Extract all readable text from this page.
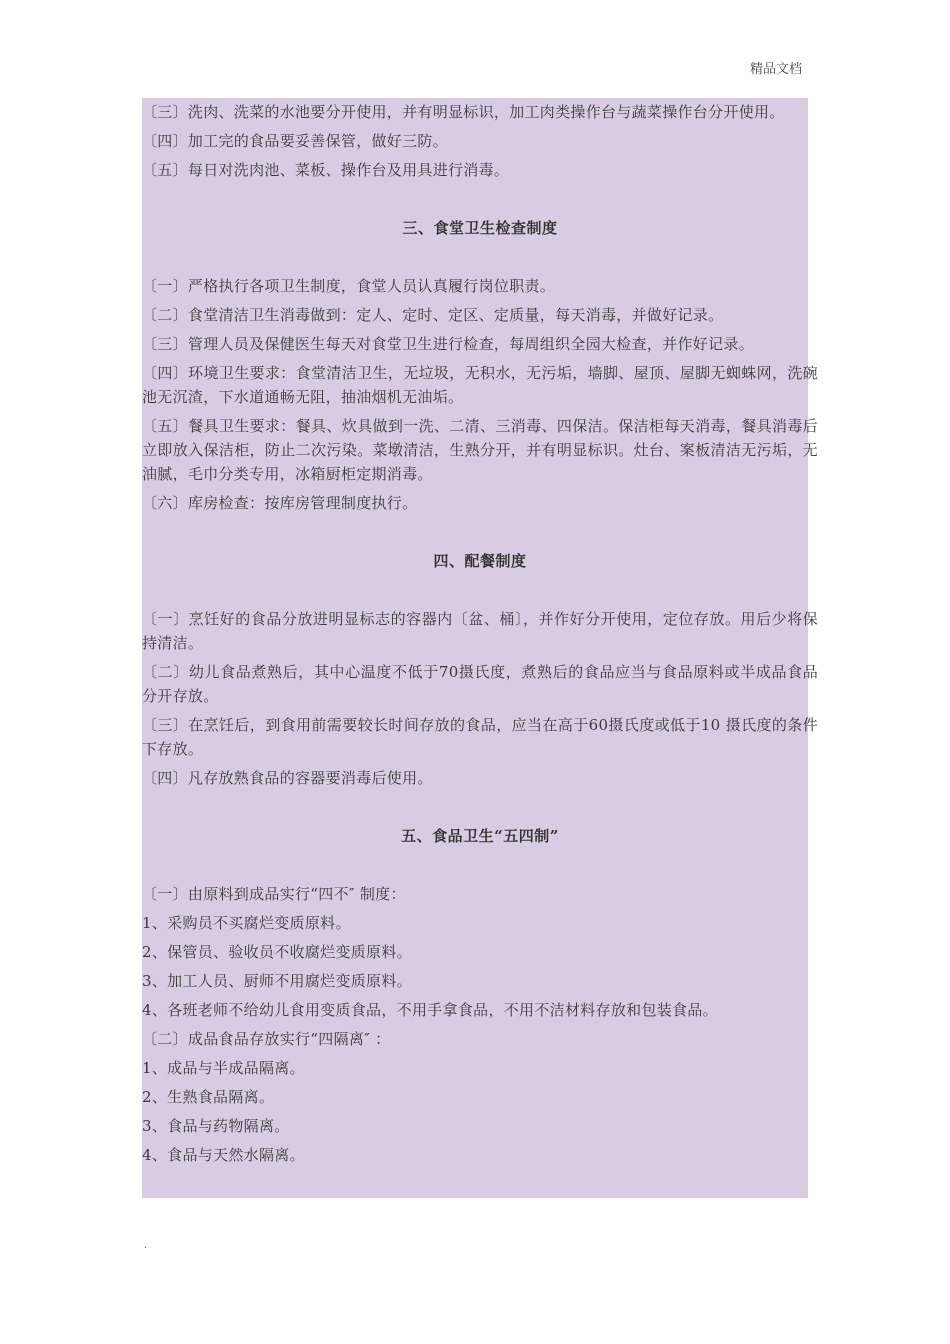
精品文档

〔三〕洗肉、洗菜的水池要分开使用，并有明显标识，加工肉类操作台与蔬菜操作台分开使用。

〔四〕加工完的食品要妥善保管，做好三防。

〔五〕每日对洗肉池、菜板、操作台及用具进行消毒。

三、食堂卫生检查制度

〔一〕严格执行各项卫生制度，食堂人员认真履行岗位职责。

〔二〕食堂清洁卫生消毒做到：定人、定时、定区、定质量，每天消毒，并做好记录。

〔三〕管理人员及保健医生每天对食堂卫生进行检查，每周组织全园大检查，并作好记录。

〔四〕环境卫生要求：食堂清洁卫生，无垃圾，无积水，无污垢，墙脚、屋顶、屋脚无蜘蛛网，洗碗池无沉渣，下水道通畅无阻，抽油烟机无油垢。

〔五〕餐具卫生要求：餐具、炊具做到一洗、二清、三消毒、四保洁。保洁柜每天消毒，餐具消毒后立即放入保洁柜，防止二次污染。菜墩清洁，生熟分开，并有明显标识。灶台、案板清洁无污垢，无油腻，毛巾分类专用，冰箱厨柜定期消毒。

〔六〕库房检查：按库房管理制度执行。

四、配餐制度

〔一〕烹饪好的食品分放进明显标志的容器内〔盆、桶〕，并作好分开使用，定位存放。用后少将保持清洁。

〔二〕幼儿食品煮熟后，其中心温度不低于70摄氏度，煮熟后的食品应当与食品原料或半成品食品分开存放。

〔三〕在烹饪后，到食用前需要较长时间存放的食品，应当在高于60摄氏度或低于10 摄氏度的条件下存放。

〔四〕凡存放熟食品的容器要消毒后使用。

五、食品卫生“五四制”

〔一〕由原料到成品实行“四不″ 制度：

1、采购员不买腐烂变质原料。

2、保管员、验收员不收腐烂变质原料。

3、加工人员、厨师不用腐烂变质原料。

4、各班老师不给幼儿食用变质食品，不用手拿食品，不用不洁材料存放和包装食品。

〔二〕成品食品存放实行“四隔离″ ：

1、成品与半成品隔离。

2、生熟食品隔离。

3、食品与药物隔离。

4、食品与天然水隔离。

.
